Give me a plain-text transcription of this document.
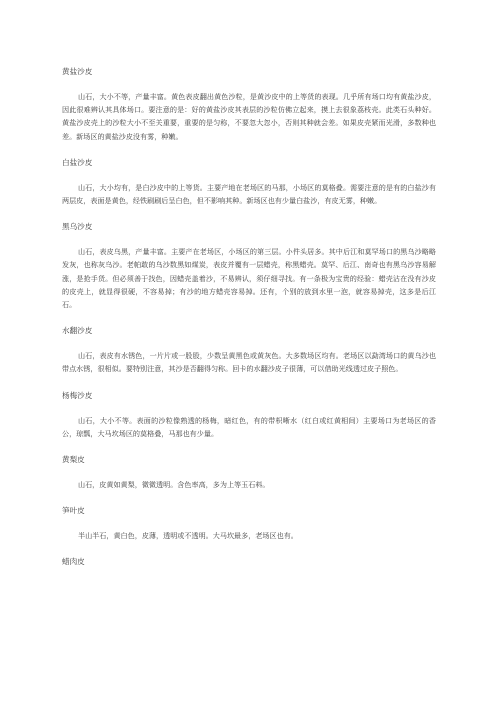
黄盐沙皮

山石，大小不等，产量丰富。黄色表皮翻出黄色沙粒，是黄沙皮中的上等货的表现。几乎所有场口均有黄盐沙皮，因此很难辨认其具体场口。要注意的是：好的黄盐沙皮其表层的沙粒仿佛立起来，摸上去很象荔枝壳。此类石头种好。黄盐沙皮壳上的沙粒大小不至关重要，重要的是匀称，不要忽大忽小，否则其种就会差。如果皮壳紧而光滑，多数种也差。新场区的黄盐沙皮没有雾，种嫩。

白盐沙皮

山石，大小均有，是白沙皮中的上等货。主要产地在老场区的马那，小场区的莫格叠。需要注意的是有的白盐沙有两层皮，表面是黄色，经铁刷刷后呈白色，但不影响其种。新场区也有少量白盐沙，有皮无雾，种嫩。

黑乌沙皮

山石，表皮乌黑，产量丰富。主要产在老场区，小场区的第三层。小件头居多。其中后江和莫罕场口的黑乌沙略略发灰，也称灰乌沙。老帕敢的乌沙数黑如煤炭，表皮并覆有一层蜡壳，称黑蜡壳。莫罕、后江、南奇也有黑乌沙容易解涨，是抢手货。但必须善于找色，因蜡壳盖着沙，不易辨认，须仔细寻找。有一条极为宝贵的经验：蜡壳沾在没有沙皮的皮壳上，就显得很硬，不容易掉；有沙的地方蜡壳容易掉。还有，个别的放到水里一泡，就容易掉壳，这多是后江石。

水翻沙皮

山石，表皮有水锈色，一片片或一股股，少数呈黄黑色或黄灰色。大多数场区均有。老场区以勐湾场口的黄乌沙也带点水锈，很相似。要特别注意，其沙是否翻得匀称。回卡的水翻沙皮子很薄，可以借助光线透过皮子照色。

杨梅沙皮

山石，大小不等。表面的沙粒像熟透的杨梅，暗红色，有的带枳晰水（红白或红黄相间）主要场口为老场区的香公，琼瓢，大马坎场区的莫格叠，马那也有少量。

黄梨皮

山石，皮黄如黄梨，微微透明。含色率高，多为上等玉石料。

笋叶皮

半山半石，黄白色，皮薄，透明或不透明。大马坎最多，老场区也有。

蜡肉皮
